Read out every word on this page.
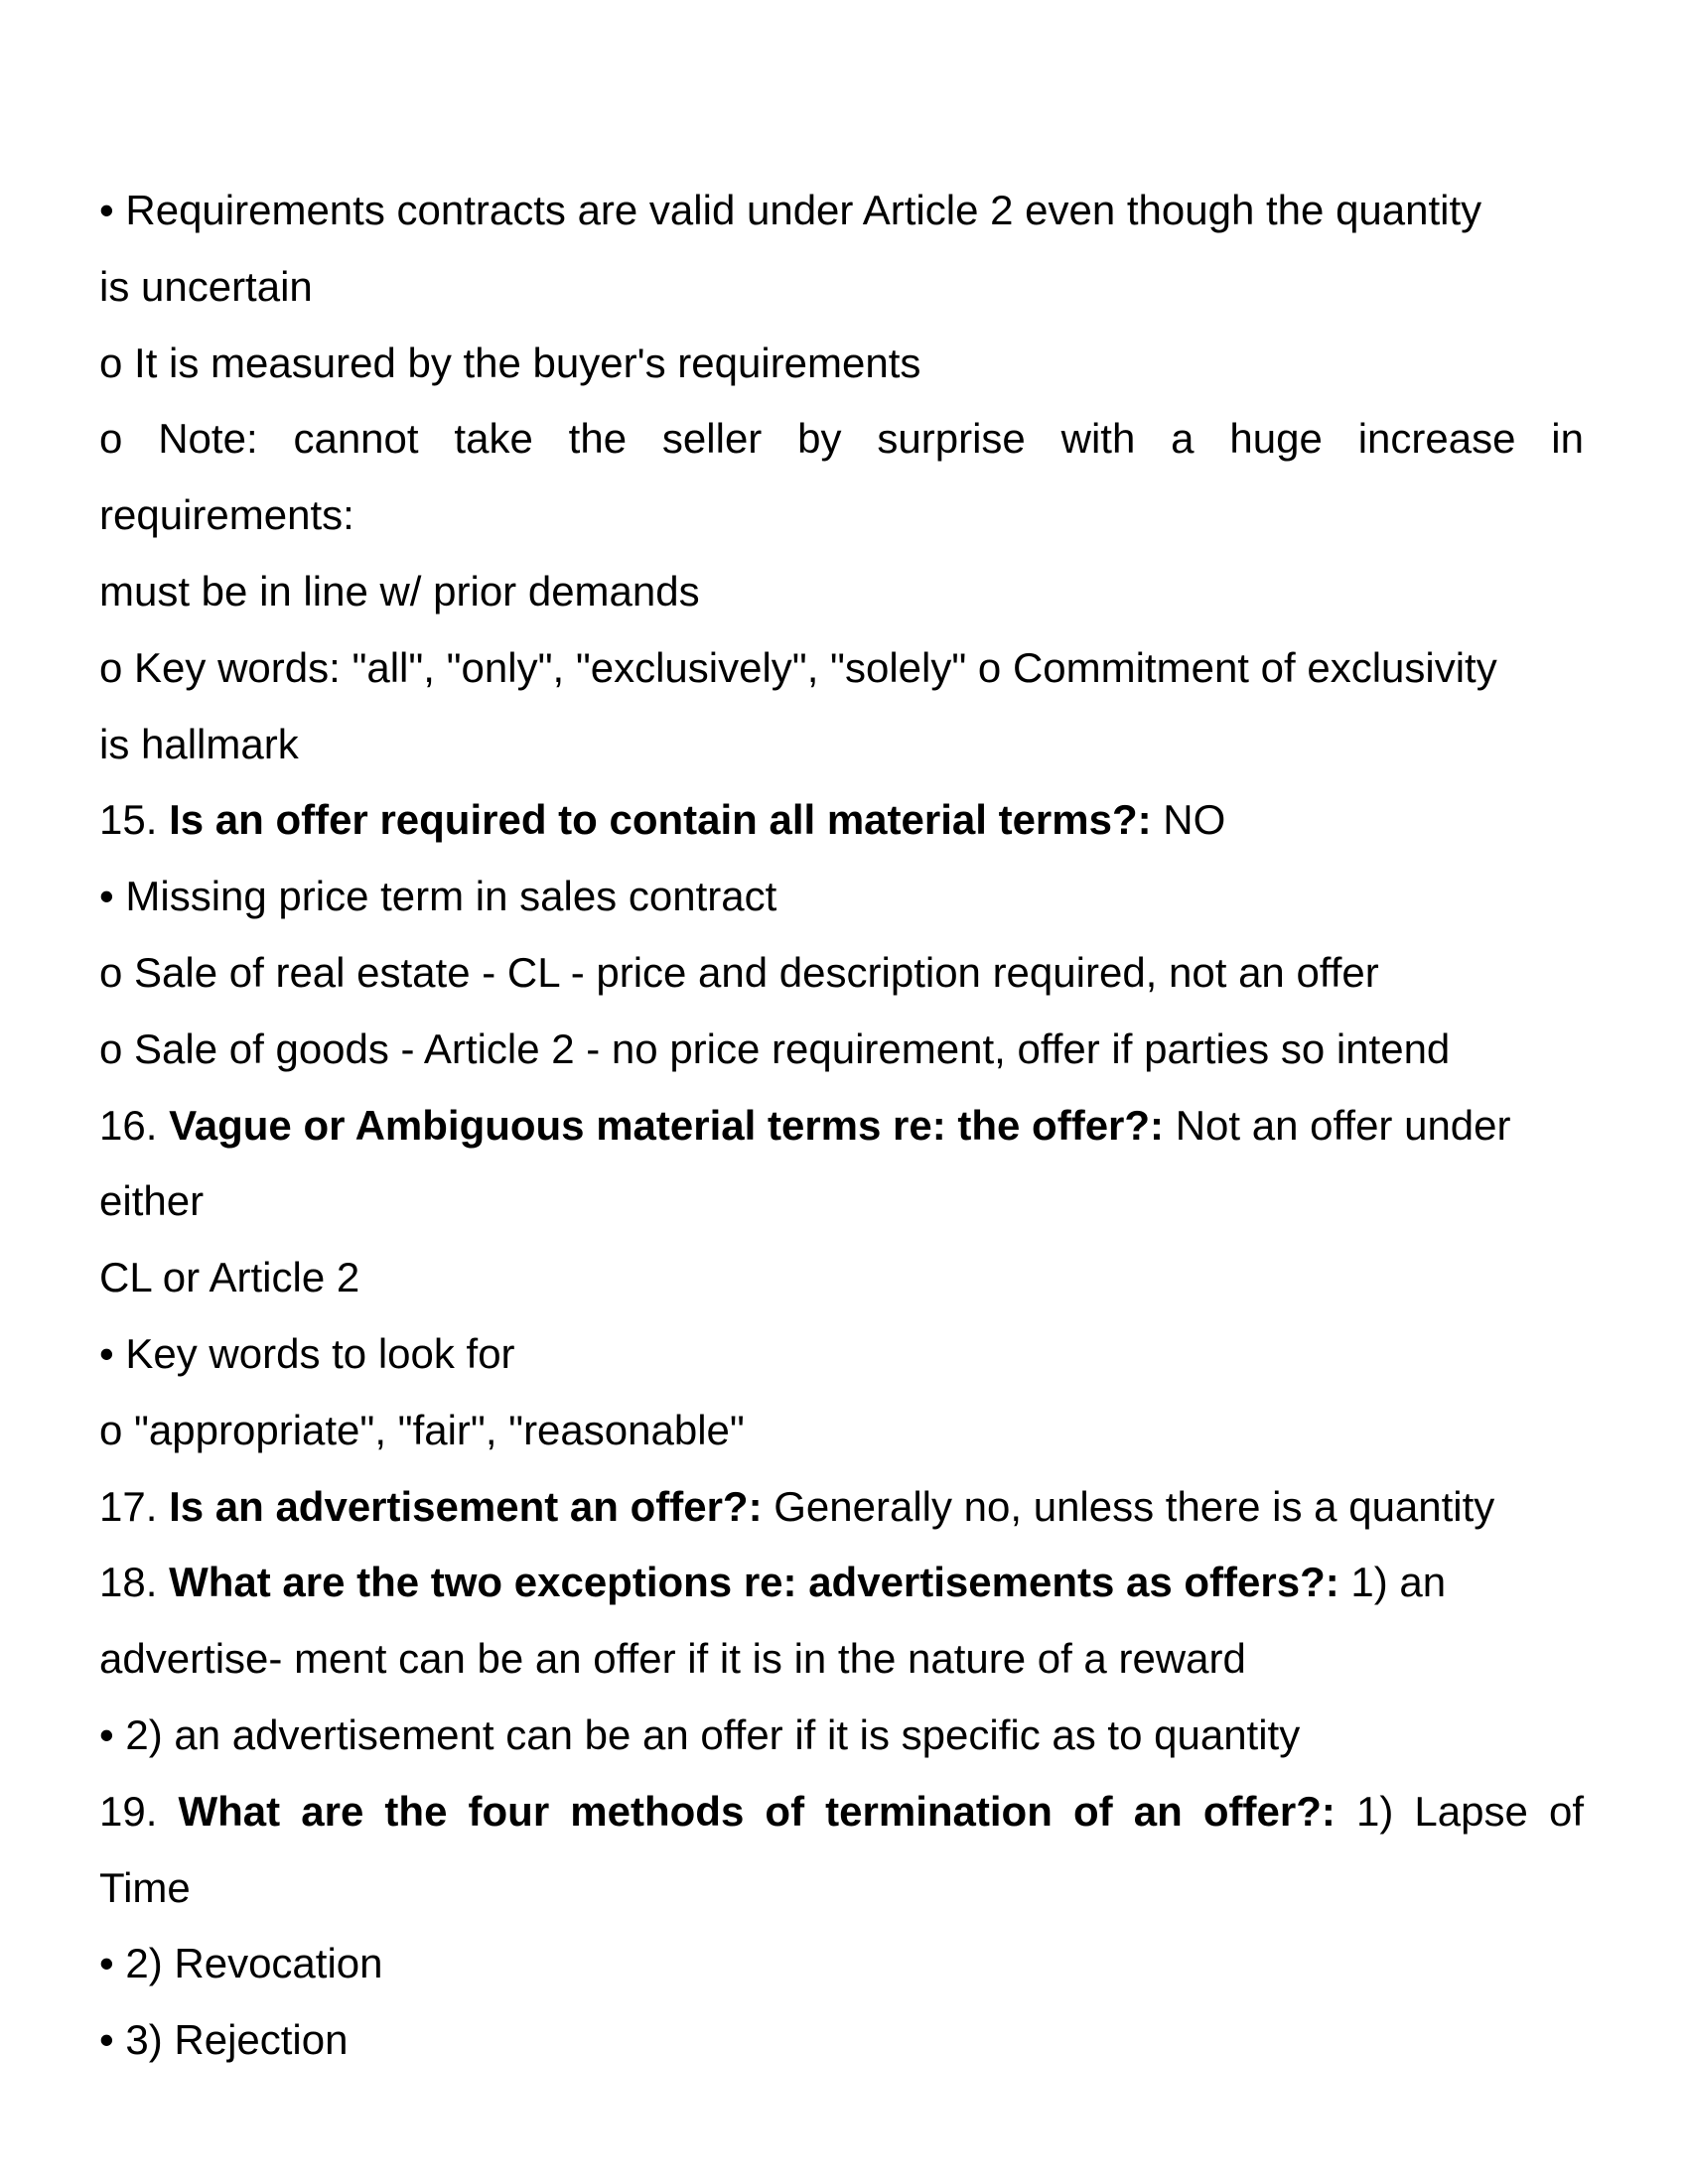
• Requirements contracts are valid under Article 2 even though the quantity
is uncertain
o It is measured by the buyer's requirements
o Note: cannot take the seller by surprise with a huge increase in
requirements:
must be in line w/ prior demands
o Key words: "all", "only", "exclusively", "solely" o Commitment of exclusivity
is hallmark
15. Is an offer required to contain all material terms?: NO
• Missing price term in sales contract
o Sale of real estate - CL - price and description required, not an offer
o Sale of goods - Article 2 - no price requirement, offer if parties so intend
16. Vague or Ambiguous material terms re: the offer?: Not an offer under
either
CL or Article 2
• Key words to look for
o "appropriate", "fair", "reasonable"
17. Is an advertisement an offer?: Generally no, unless there is a quantity
18. What are the two exceptions re: advertisements as offers?: 1) an
advertise- ment can be an offer if it is in the nature of a reward
• 2) an advertisement can be an offer if it is specific as to quantity
19. What are the four methods of termination of an offer?: 1) Lapse of
Time
• 2) Revocation
• 3) Rejection
